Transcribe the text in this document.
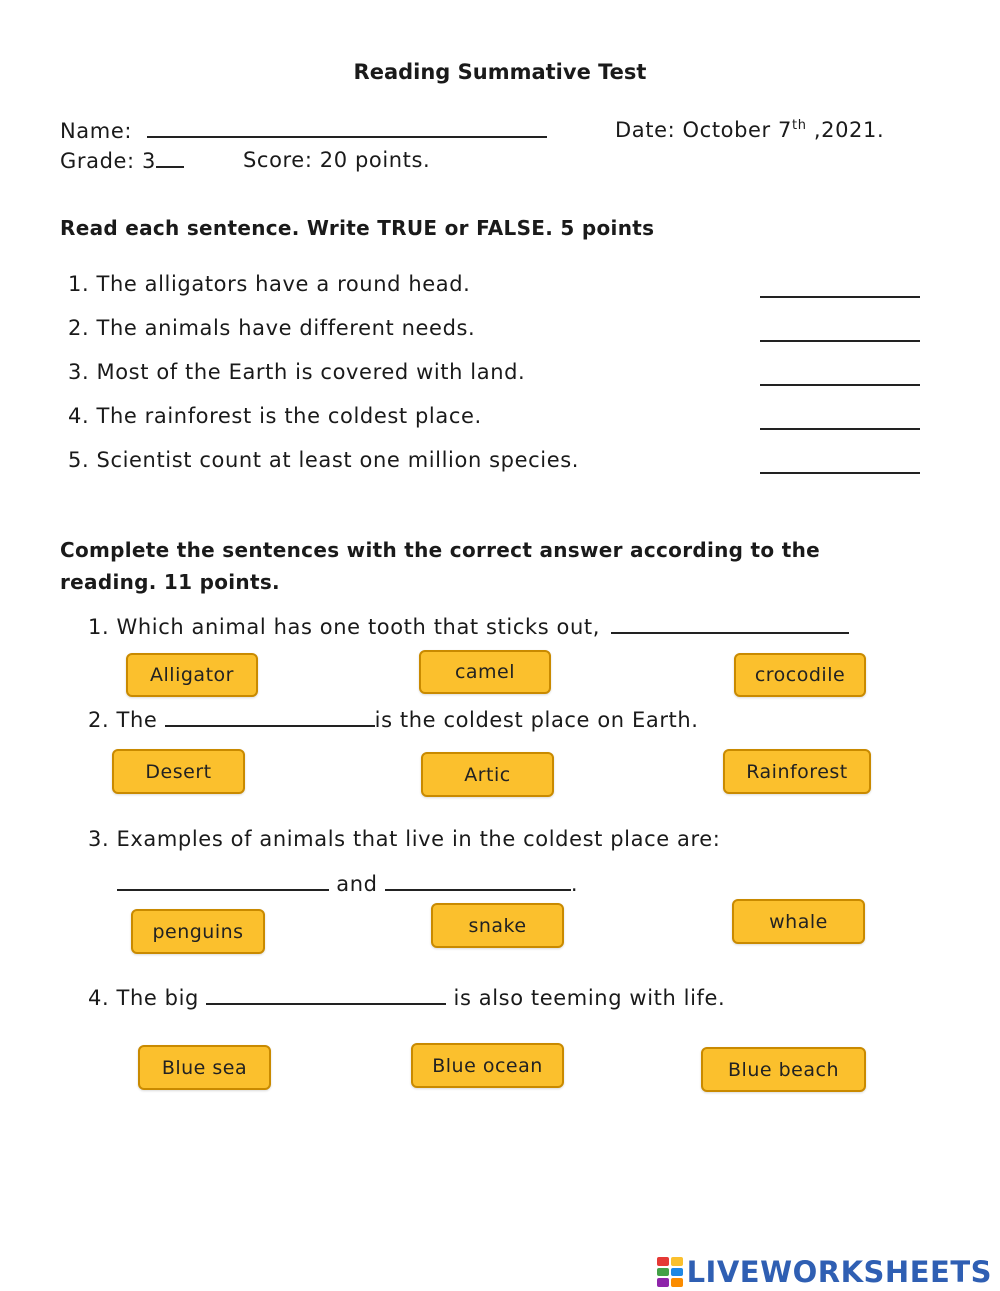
Reading Summative Test
Name:	Date: October 7th ,2021.
Grade: 3	Score: 20 points.
Read each sentence. Write TRUE or FALSE. 5 points
1. The alligators have a round head.
2. The animals have different needs.
3. Most of the Earth is covered with land.
4. The rainforest is the coldest place.
5. Scientist count at least one million species.
Complete the sentences with the correct answer according to the
reading. 11 points.
1. Which animal has one tooth that sticks out,
Alligator	camel	crocodile
2. The	is the coldest place on Earth.
Desert	Artic	Rainforest
3. Examples of animals that live in the coldest place are:
and	.
penguins	snake	whale
4. The big	is also teeming with life.
Blue sea	Blue ocean	Blue beach
LIVEWORKSHEETS
